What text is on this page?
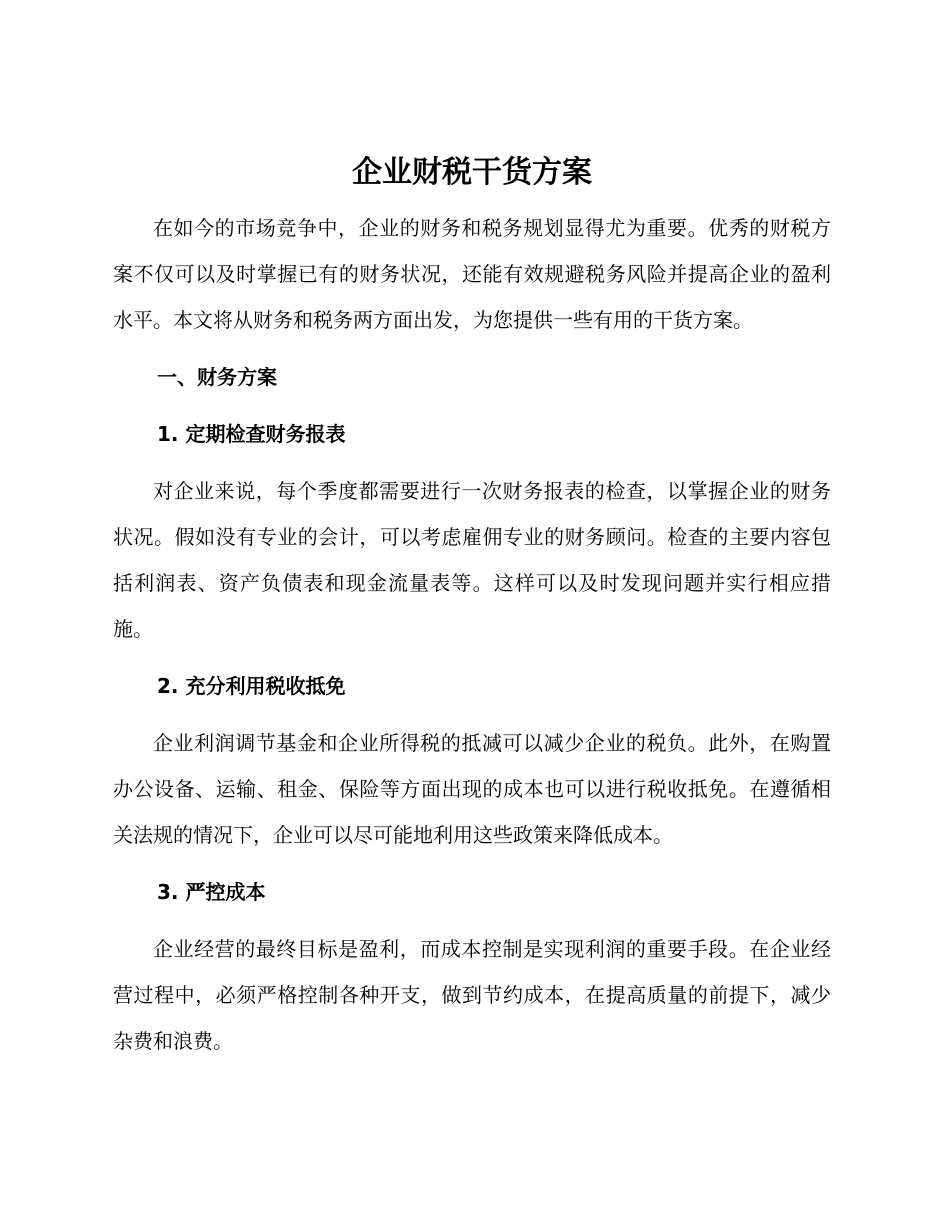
企业财税干货方案

在如今的市场竞争中，企业的财务和税务规划显得尤为重要。优秀的财税方案不仅可以及时掌握已有的财务状况，还能有效规避税务风险并提高企业的盈利水平。本文将从财务和税务两方面出发，为您提供一些有用的干货方案。

一、财务方案

1. 定期检查财务报表

对企业来说，每个季度都需要进行一次财务报表的检查，以掌握企业的财务状况。假如没有专业的会计，可以考虑雇佣专业的财务顾问。检查的主要内容包括利润表、资产负债表和现金流量表等。这样可以及时发现问题并实行相应措施。

2. 充分利用税收抵免

企业利润调节基金和企业所得税的抵减可以减少企业的税负。此外，在购置办公设备、运输、租金、保险等方面出现的成本也可以进行税收抵免。在遵循相关法规的情况下，企业可以尽可能地利用这些政策来降低成本。

3. 严控成本

企业经营的最终目标是盈利，而成本控制是实现利润的重要手段。在企业经营过程中，必须严格控制各种开支，做到节约成本，在提高质量的前提下，减少杂费和浪费。
